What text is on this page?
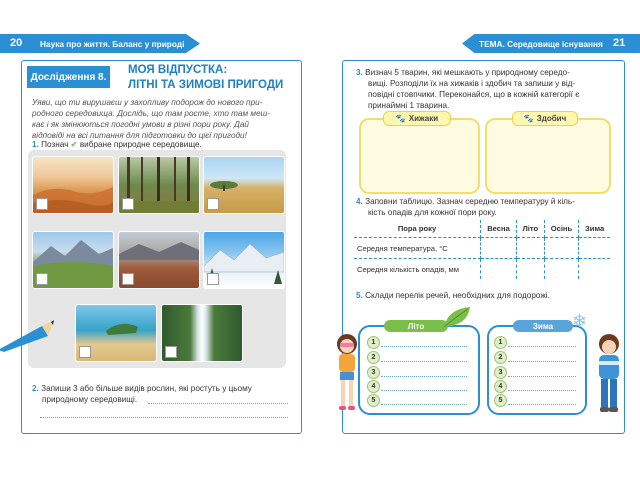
20 Наука про життя. Баланс у природі
Дослідження 8.
МОЯ ВІДПУСТКА:
ЛІТНІ ТА ЗИМОВІ ПРИГОДИ
Уяви, що ти вирушаєш у захопливу подорож до нового при-
родного середовища. Дослідь, що там росте, хто там меш-
кає і як змінюються погодні умови в різні пори року. Дай
відповіді на всі питання для підготовки до цієї пригоди!
1. Познач ✔ вибране природне середовище.
2. Запиши 3 або більше видів рослин, які ростуть у цьому
природному середовищі.
ТЕМА. Середовище існування 21
3. Визнач 5 тварин, які мешкають у природному середо-
вищі. Розподіли їх на хижаків і здобич та запиши у від-
повідні стовпчики. Переконайся, що в кожній категорії є
принаймні 1 тварина.
🐾 Хижаки	🐾 Здобич
4. Заповни таблицю. Зазнач середню температуру й кіль-
кість опадів для кожної пори року.
Пора року	Весна	Літо	Осінь	Зима
Середня температура, °C				
Середня кількість опадів, мм				
5. Склади перелік речей, необхідних для подорожі.
Літо
1
2
3
4
5
Зима ❄
1
2
3
4
5
